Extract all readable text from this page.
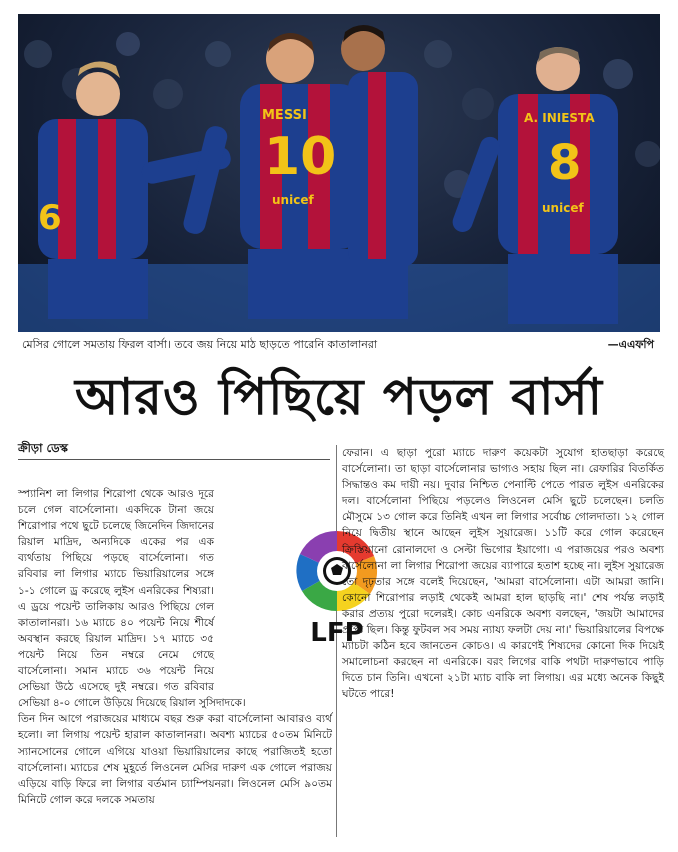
6
MESSI
10
unicef
A. INIESTA
8
unicef
মেসির গোলে সমতায় ফিরল বার্সা। তবে জয় নিয়ে মাঠ ছাড়তে পারেনি কাতালানরা	—এএফপি
আরও পিছিয়ে পড়ল বার্সা
ক্রীড়া ডেস্ক

স্প্যানিশ লা লিগার শিরোপা থেকে আরও দূরে চলে গেল বার্সেলোনা। একদিকে টানা জয়ে শিরোপার পথে ছুটে চলেছে জিনেদিন জিদানের রিয়াল মাদ্রিদ, অন্যদিকে একের পর এক ব্যর্থতায় পিছিয়ে পড়ছে বার্সেলোনা। গত রবিবার লা লিগার ম্যাচে ভিয়ারিয়ালের সঙ্গে ১-১ গোলে ড্র করেছে লুইস এনরিকের শিষ্যরা। এ ড্রয়ে পয়েন্ট তালিকায় আরও পিছিয়ে গেল কাতালানরা। ১৬ ম্যাচে ৪০ পয়েন্ট নিয়ে শীর্ষে অবস্থান করছে রিয়াল মাদ্রিদ। ১৭ ম্যাচে ৩৫ পয়েন্ট নিয়ে তিন নম্বরে নেমে গেছে বার্সেলোনা। সমান ম্যাচে ৩৬ পয়েন্ট নিয়ে সেভিয়া উঠে এসেছে দুই নম্বরে। গত রবিবার সেভিয়া ৪-০ গোলে উড়িয়ে দিয়েছে রিয়াল সুসিদাদকে।

তিন দিন আগে পরাজয়ের মাধ্যমে বছর শুরু করা বার্সেলোনা আবারও ব্যর্থ হলো। লা লিগায় পয়েন্ট হারাল কাতালানরা। অবশ্য ম্যাচের ৫০তম মিনিটে স্যানসোনের গোলে এগিয়ে যাওয়া ভিয়ারিয়ালের কাছে পরাজিতই হতো বার্সেলোনা। ম্যাচের শেষ মুহূর্তে লিওনেল মেসির দারুণ এক গোলে পরাজয় এড়িয়ে বাড়ি ফিরে লা লিগার বর্তমান চ্যাম্পিয়নরা। লিওনেল মেসি ৯০তম মিনিটে গোল করে দলকে সমতায়

LFP

ফেরান। এ ছাড়া পুরো ম্যাচে দারুণ কয়েকটা সুযোগ হাতছাড়া করেছে বার্সেলোনা। তা ছাড়া বার্সেলোনার ভাগ্যও সহায় ছিল না। রেফারির বিতর্কিত সিদ্ধান্তও কম দায়ী নয়। দুবার নিশ্চিত পেনাল্টি পেতে পারত লুইস এনরিকের দল। বার্সেলোনা পিছিয়ে পড়লেও লিওনেল মেসি ছুটে চলেছেন। চলতি মৌসুমে ১৩ গোল করে তিনিই এখন লা লিগার সর্বোচ্চ গোলদাতা। ১২ গোল নিয়ে দ্বিতীয় স্থানে আছেন লুইস সুয়ারেজ। ১১টি করে গোল করেছেন ক্রিস্তিয়ানো রোনালদো ও সেল্টা ভিগোর ইয়াগো। এ পরাজয়ের পরও অবশ্য বার্সেলোনা লা লিগার শিরোপা জয়ের ব্যাপারে হতাশ হচ্ছে না। লুইস সুয়ারেজ তো দৃঢ়তার সঙ্গে বলেই দিয়েছেন, 'আমরা বার্সেলোনা। এটা আমরা জানি। কোনো শিরোপার লড়াই থেকেই আমরা হাল ছাড়ছি না।' শেষ পর্যন্ত লড়াই করার প্রত্যয় পুরো দলেরই। কোচ এনরিকে অবশ্য বলছেন, 'জয়টা আমাদের প্রাপ্য ছিল। কিন্তু ফুটবল সব সময় ন্যায্য ফলটা দেয় না।' ভিয়ারিয়ালের বিপক্ষে ম্যাচটা কঠিন হবে জানতেন কোচও। এ কারণেই শিষ্যদের কোনো দিক দিয়েই সমালোচনা করছেন না এনরিকে। বরং লিগের বাকি পথটা দারুণভাবে পাড়ি দিতে চান তিনি। এখনো ২১টা ম্যাচ বাকি লা লিগায়। এর মধ্যে অনেক কিছুই ঘটতে পারে!
